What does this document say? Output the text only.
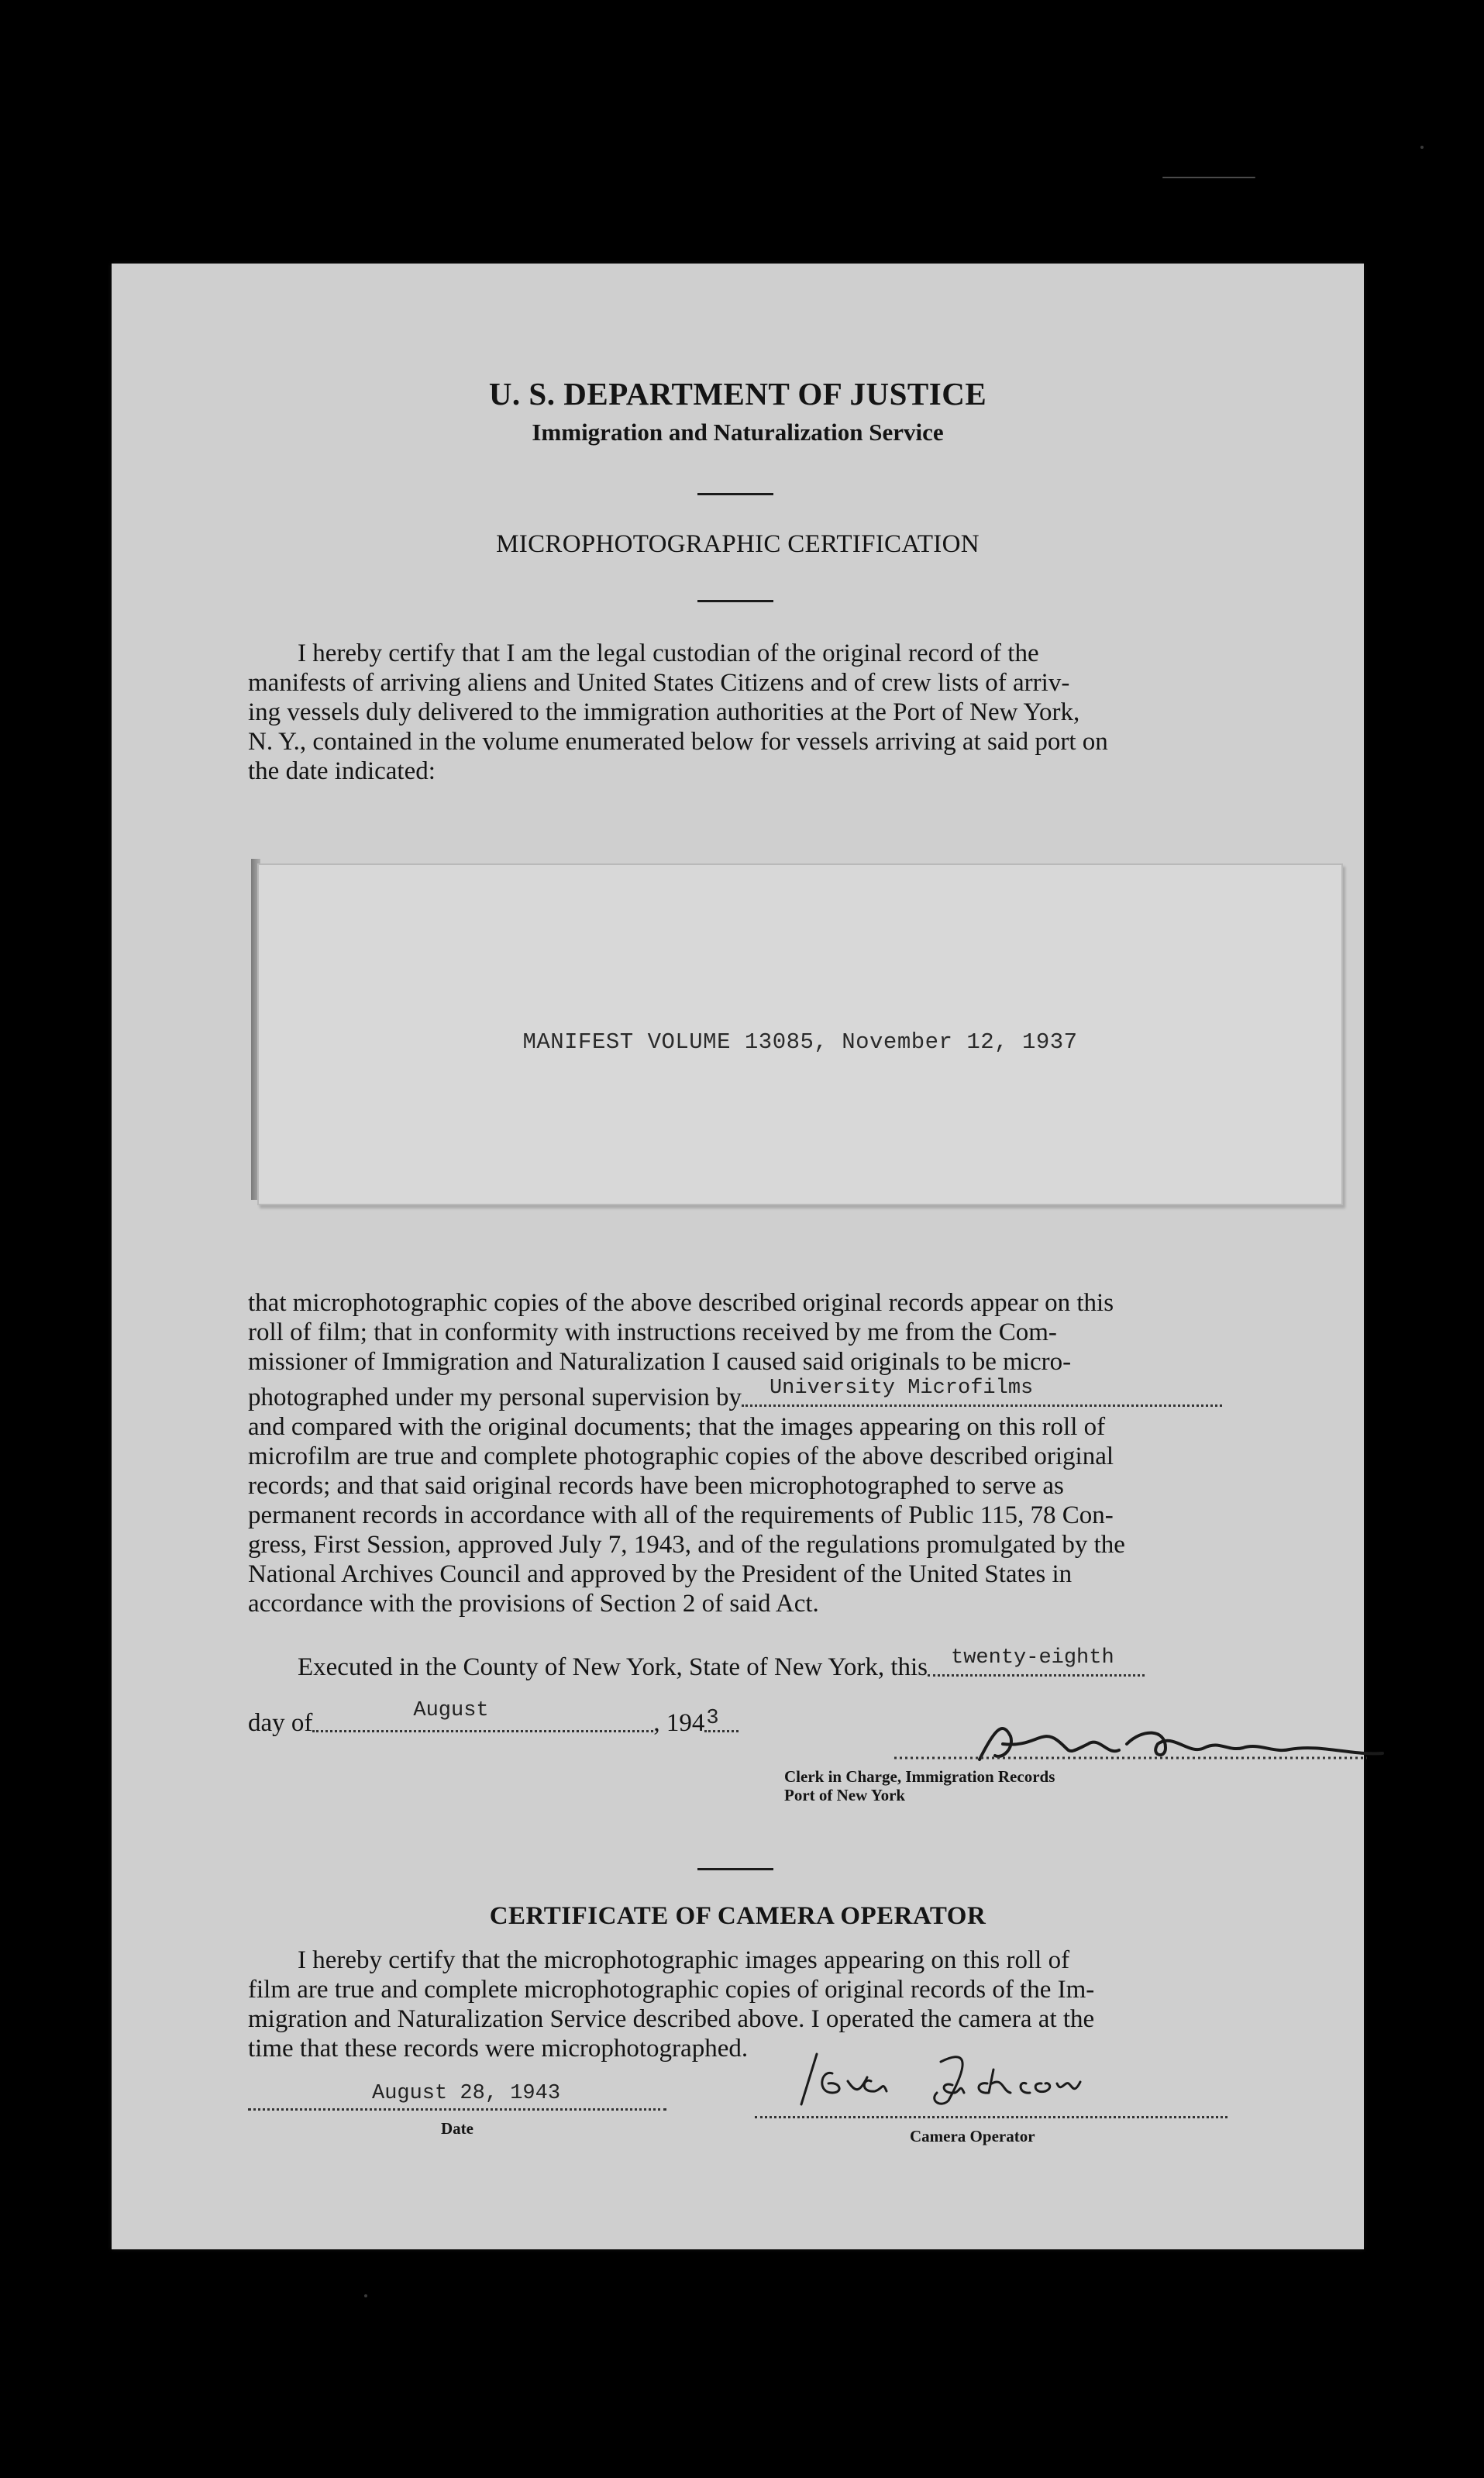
U. S. DEPARTMENT OF JUSTICE
Immigration and Naturalization Service
MICROPHOTOGRAPHIC CERTIFICATION
I hereby certify that I am the legal custodian of the original record of the
manifests of arriving aliens and United States Citizens and of crew lists of arriv-
ing vessels duly delivered to the immigration authorities at the Port of New York,
N. Y., contained in the volume enumerated below for vessels arriving at said port on
the date indicated:
MANIFEST VOLUME 13085, November 12, 1937
that microphotographic copies of the above described original records appear on this
roll of film; that in conformity with instructions received by me from the Com-
missioner of Immigration and Naturalization I caused said originals to be micro-
photographed under my personal supervision by University Microfilms
and compared with the original documents; that the images appearing on this roll of
microfilm are true and complete photographic copies of the above described original
records; and that said original records have been microphotographed to serve as
permanent records in accordance with all of the requirements of Public 115, 78 Con-
gress, First Session, approved July 7, 1943, and of the regulations promulgated by the
National Archives Council and approved by the President of the United States in
accordance with the provisions of Section 2 of said Act.
Executed in the County of New York, State of New York, this twenty-eighth
day of	August	, 194 3
Clerk in Charge, Immigration Records
Port of New York
CERTIFICATE OF CAMERA OPERATOR
I hereby certify that the microphotographic images appearing on this roll of
film are true and complete microphotographic copies of original records of the Im-
migration and Naturalization Service described above. I operated the camera at the
time that these records were microphotographed.
August 28, 1943
Date	Camera Operator
